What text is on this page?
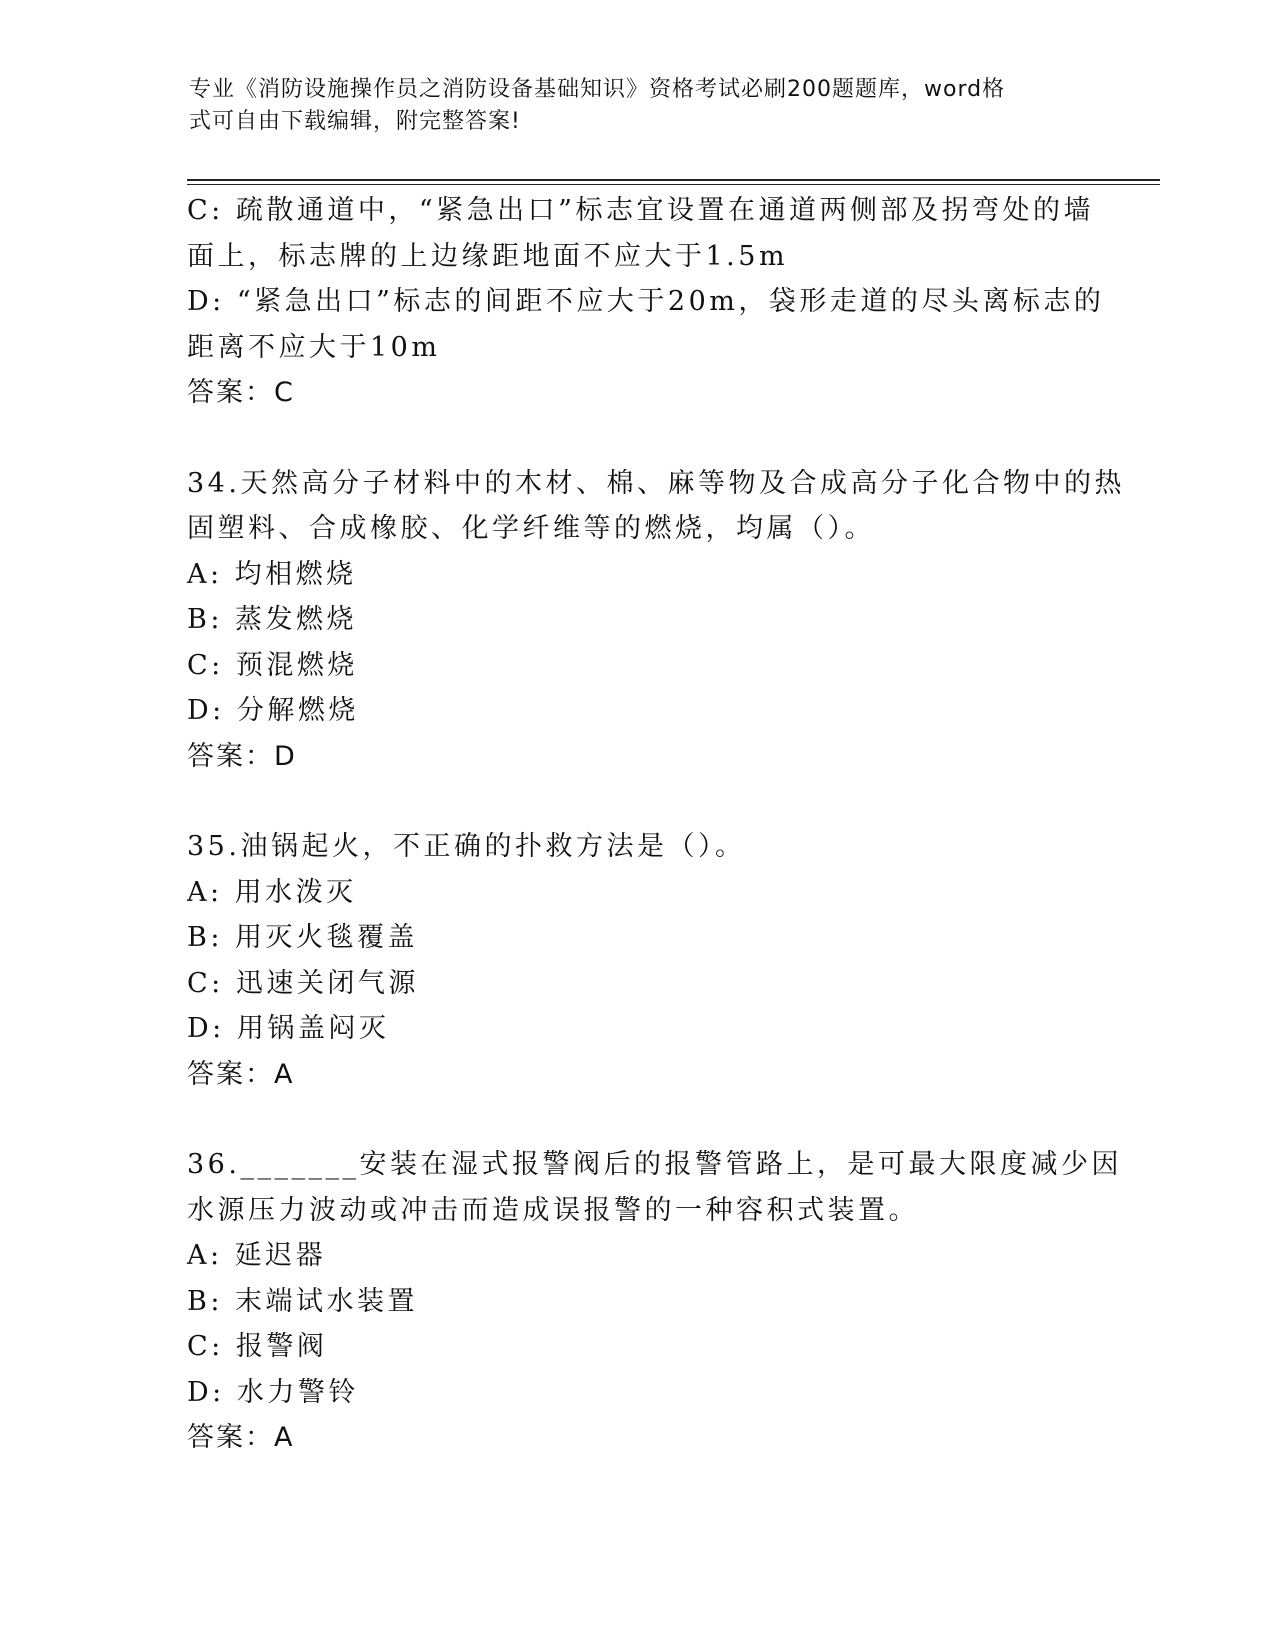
专业《消防设施操作员之消防设备基础知识》资格考试必刷200题题库，word格
式可自由下载编辑，附完整答案!
C: 疏散通道中，“紧急出口”标志宜设置在通道两侧部及拐弯处的墙
面上，标志牌的上边缘距地面不应大于1.5m
D: “紧急出口”标志的间距不应大于20m，袋形走道的尽头离标志的
距离不应大于10m
答案：C
34.天然高分子材料中的木材、棉、麻等物及合成高分子化合物中的热
固塑料、合成橡胶、化学纤维等的燃烧，均属（）。
A: 均相燃烧
B: 蒸发燃烧
C: 预混燃烧
D: 分解燃烧
答案：D
35.油锅起火，不正确的扑救方法是（）。
A: 用水泼灭
B: 用灭火毯覆盖
C: 迅速关闭气源
D: 用锅盖闷灭
答案：A
36._______安装在湿式报警阀后的报警管路上，是可最大限度减少因
水源压力波动或冲击而造成误报警的一种容积式装置。
A: 延迟器
B: 末端试水装置
C: 报警阀
D: 水力警铃
答案：A
